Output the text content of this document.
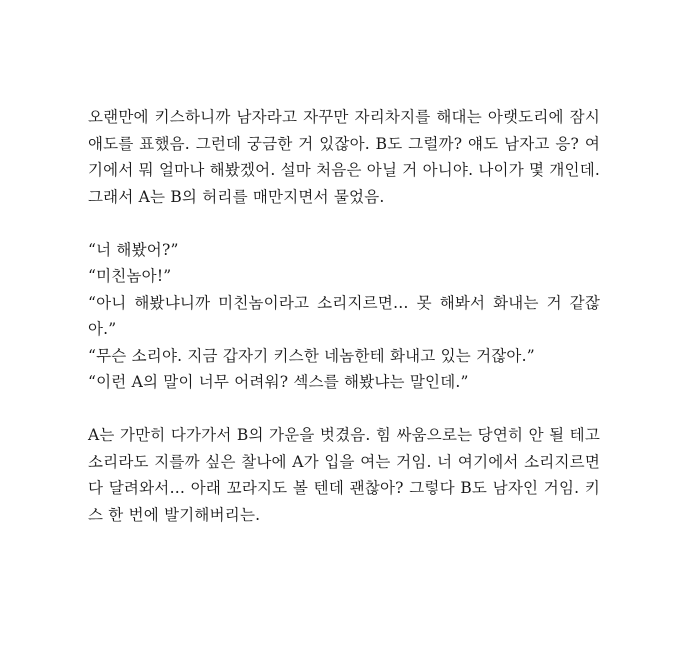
오랜만에 키스하니까 남자라고 자꾸만 자리차지를 해대는 아랫도리에 잠시 애도를 표했음. 그런데 궁금한 거 있잖아. B도 그럴까? 얘도 남자고 응? 여기에서 뭐 얼마나 해봤겠어. 설마 처음은 아닐 거 아니야. 나이가 몇 개인데. 그래서 A는 B의 허리를 매만지면서 물었음.

“너 해봤어?”

“미친놈아!”

“아니 해봤냐니까 미친놈이라고 소리지르면… 못 해봐서 화내는 거 같잖아.”

“무슨 소리야. 지금 갑자기 키스한 네놈한테 화내고 있는 거잖아.”

“이런 A의 말이 너무 어려워? 섹스를 해봤냐는 말인데.”

A는 가만히 다가가서 B의 가운을 벗겼음. 힘 싸움으로는 당연히 안 될 테고 소리라도 지를까 싶은 찰나에 A가 입을 여는 거임. 너 여기에서 소리지르면 다 달려와서… 아래 꼬라지도 볼 텐데 괜찮아? 그렇다 B도 남자인 거임. 키스 한 번에 발기해버리는.
